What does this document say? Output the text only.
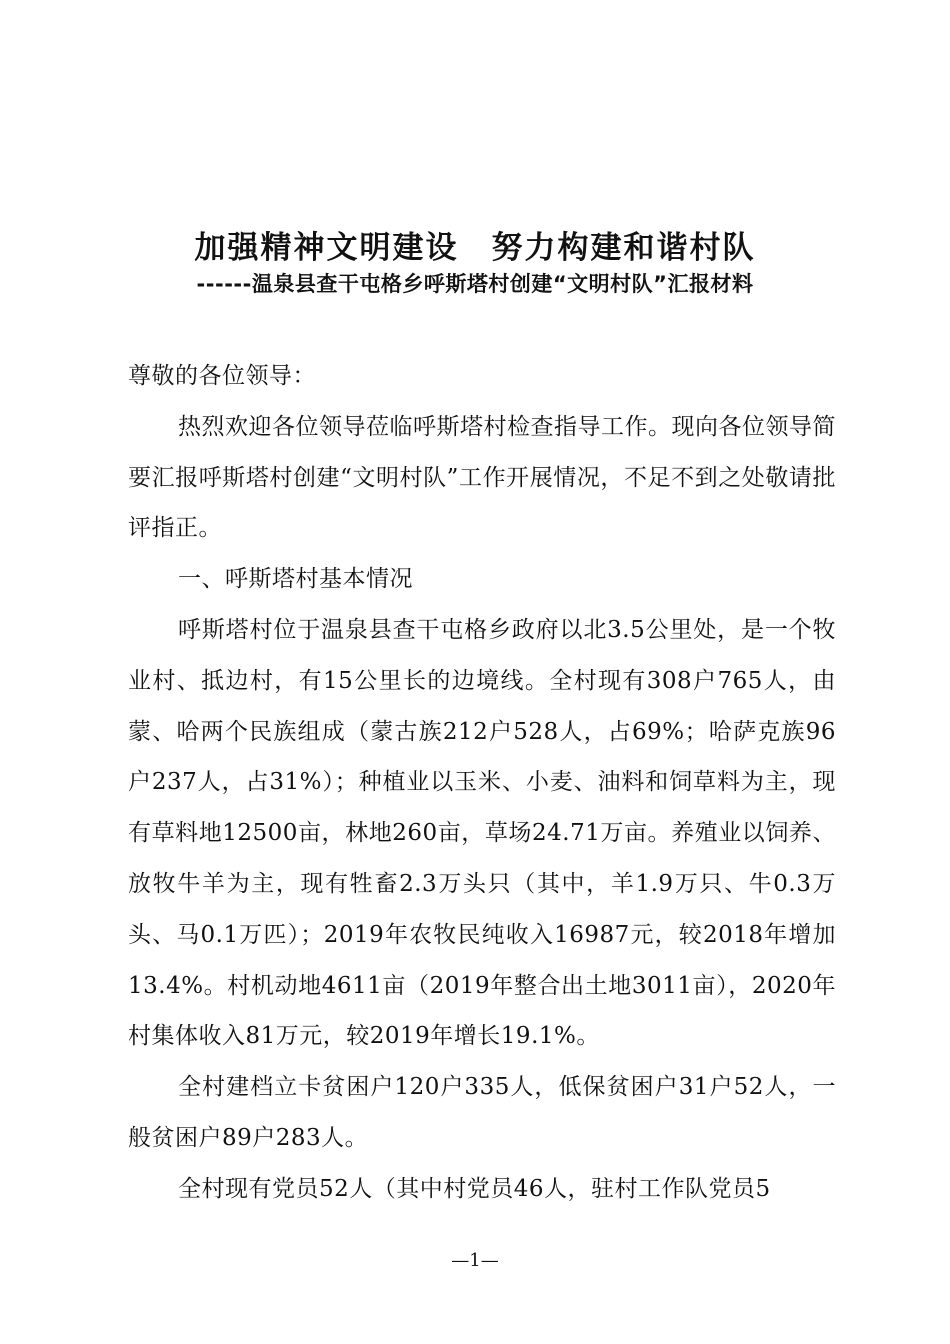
加强精神文明建设　努力构建和谐村队
------温泉县查干屯格乡呼斯塔村创建“文明村队”汇报材料

尊敬的各位领导：

热烈欢迎各位领导莅临呼斯塔村检查指导工作。现向各位领导简要汇报呼斯塔村创建“文明村队”工作开展情况，不足不到之处敬请批评指正。

一、呼斯塔村基本情况

呼斯塔村位于温泉县查干屯格乡政府以北3.5公里处，是一个牧业村、抵边村，有15公里长的边境线。全村现有308户765人，由蒙、哈两个民族组成（蒙古族212户528人，占69%；哈萨克族96户237人，占31%）；种植业以玉米、小麦、油料和饲草料为主，现有草料地12500亩，林地260亩，草场24.71万亩。养殖业以饲养、放牧牛羊为主，现有牲畜2.3万头只（其中，羊1.9万只、牛0.3万头、马0.1万匹）；2019年农牧民纯收入16987元，较2018年增加13.4%。村机动地4611亩（2019年整合出土地3011亩），2020年村集体收入81万元，较2019年增长19.1%。

全村建档立卡贫困户120户335人，低保贫困户31户52人，一般贫困户89户283人。

全村现有党员52人（其中村党员46人，驻村工作队党员5

—1—
